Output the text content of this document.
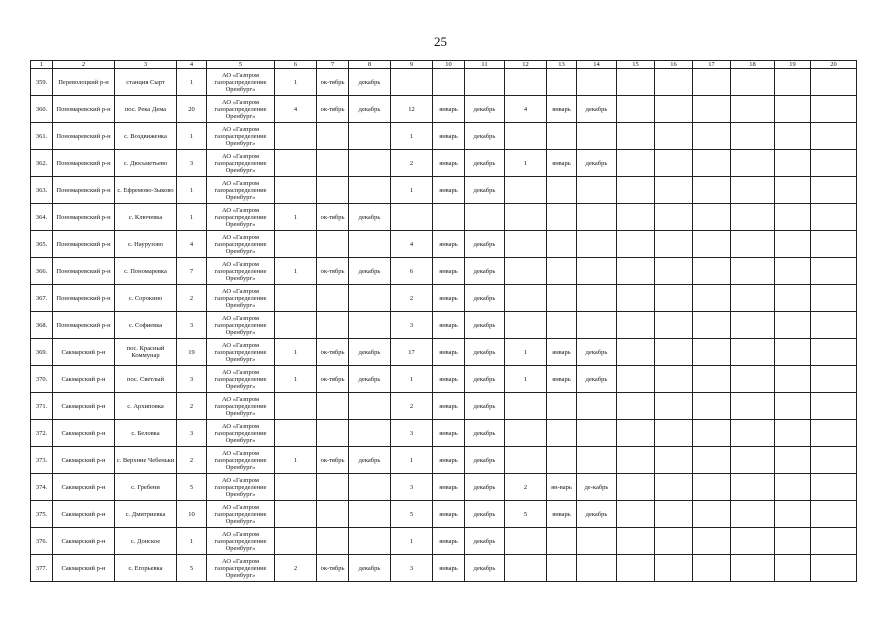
25
1	2	3	4	5	6	7	8	9	10	11	12	13	14	15	16	17	18	19	20
359.	Переволоцкий р-н	станция Сырт	1	АО «Газпром газораспределение Оренбург»	1	ок-тябрь	декабрь												
360.	Пономаревский р-н	пос. Река Дема	20	АО «Газпром газораспределение Оренбург»	4	ок-тябрь	декабрь	12	январь	декабрь	4	январь	декабрь						
361.	Пономаревский р-н	с. Воздвиженка	1	АО «Газпром газораспределение Оренбург»				1	январь	декабрь									
362.	Пономаревский р-н	с. Дюсьметьево	3	АО «Газпром газораспределение Оренбург»				2	январь	декабрь	1	январь	декабрь						
363.	Пономаревский р-н	с. Ефремово-Зыково	1	АО «Газпром газораспределение Оренбург»				1	январь	декабрь									
364.	Пономаревский р-н	с. Ключевка	1	АО «Газпром газораспределение Оренбург»	1	ок-тябрь	декабрь												
365.	Пономаревский р-н	с. Наурузово	4	АО «Газпром газораспределение Оренбург»				4	январь	декабрь									
366.	Пономаревский р-н	с. Пономаревка	7	АО «Газпром газораспределение Оренбург»	1	ок-тябрь	декабрь	6	январь	декабрь									
367.	Пономаревский р-н	с. Сорокино	2	АО «Газпром газораспределение Оренбург»				2	январь	декабрь									
368.	Пономаревский р-н	с. Софиевка	3	АО «Газпром газораспределение Оренбург»				3	январь	декабрь									
369.	Сакмарский р-н	пос. Красный Коммунар	19	АО «Газпром газораспределение Оренбург»	1	ок-тябрь	декабрь	17	январь	декабрь	1	январь	декабрь						
370.	Сакмарский р-н	пос. Светлый	3	АО «Газпром газораспределение Оренбург»	1	ок-тябрь	декабрь	1	январь	декабрь	1	январь	декабрь						
371.	Сакмарский р-н	с. Архиповка	2	АО «Газпром газораспределение Оренбург»				2	январь	декабрь									
372.	Сакмарский р-н	с. Беловка	3	АО «Газпром газораспределение Оренбург»				3	январь	декабрь									
373.	Сакмарский р-н	с. Верхние Чебеньки	2	АО «Газпром газораспределение Оренбург»	1	ок-тябрь	декабрь	1	январь	декабрь									
374.	Сакмарский р-н	с. Гребени	5	АО «Газпром газораспределение Оренбург»				3	январь	декабрь	2	ян-варь	де-кабрь						
375.	Сакмарский р-н	с. Дмитриевка	10	АО «Газпром газораспределение Оренбург»				5	январь	декабрь	5	январь	декабрь						
376.	Сакмарский р-н	с. Донское	1	АО «Газпром газораспределение Оренбург»				1	январь	декабрь									
377.	Сакмарский р-н	с. Егорьевка	5	АО «Газпром газораспределение Оренбург»	2	ок-тябрь	декабрь	3	январь	декабрь									
